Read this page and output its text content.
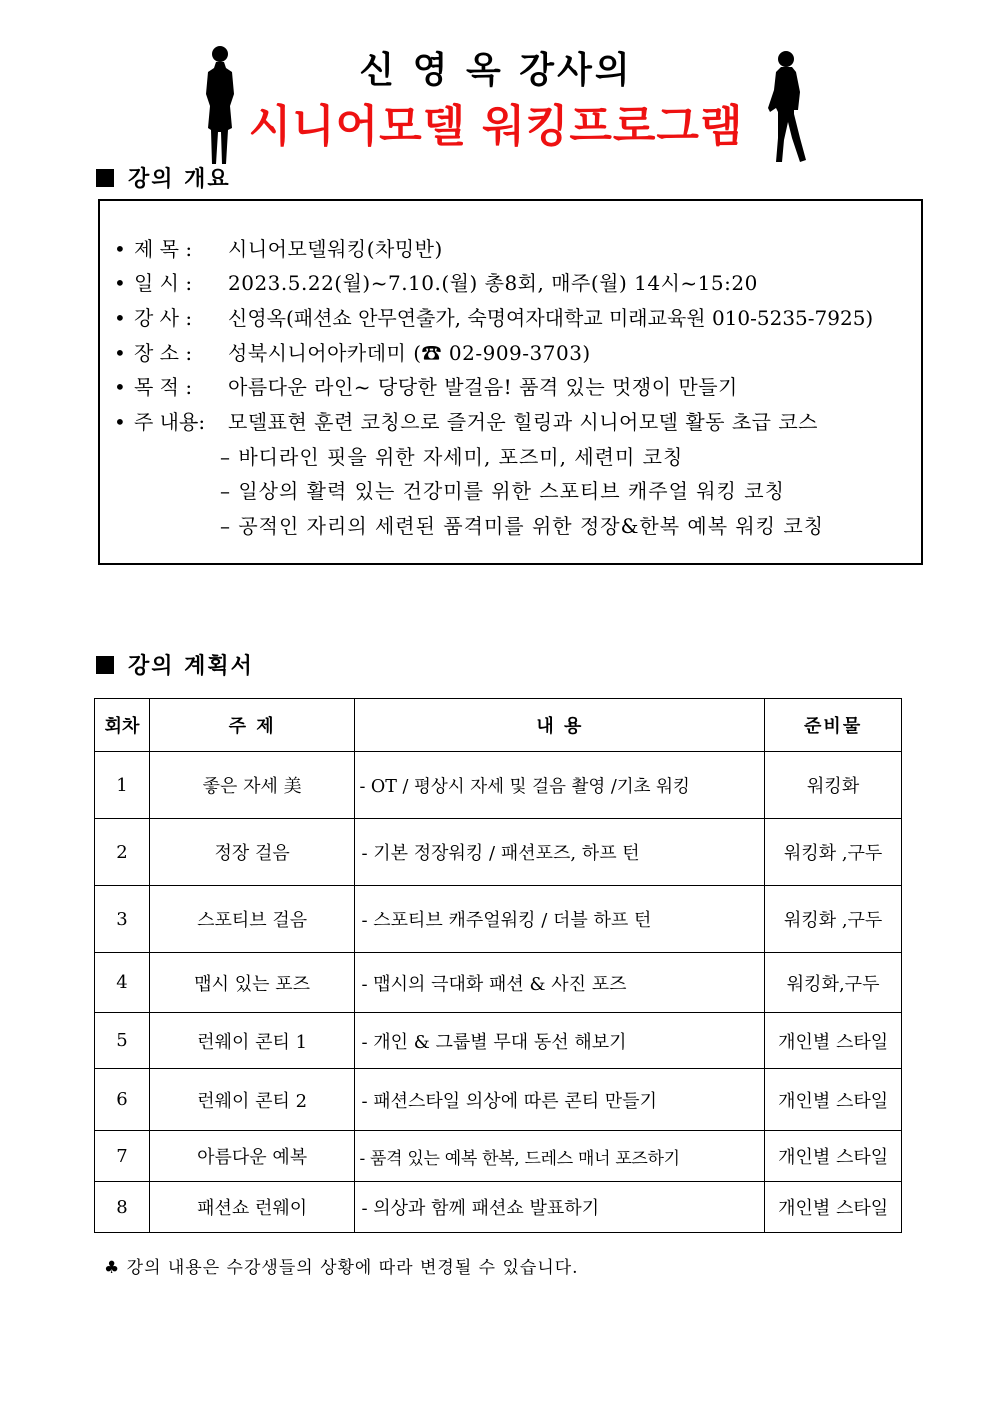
신 영 옥 강사의
시니어모델 워킹프로그램
강의 개요
• 제 목 : 시니어모델워킹(차밍반)
• 일 시 : 2023.5.22(월)~7.10.(월) 총8회, 매주(월) 14시~15:20
• 강 사 : 신영옥(패션쇼 안무연출가, 숙명여자대학교 미래교육원 010-5235-7925)
• 장 소 : 성북시니어아카데미 (☎ 02-909-3703)
• 목 적 : 아름다운 라인~ 당당한 발걸음! 품격 있는 멋쟁이 만들기
• 주 내용: 모델표현 훈련 코칭으로 즐거운 힐링과 시니어모델 활동 초급 코스
– 바디라인 핏을 위한 자세미, 포즈미, 세련미 코칭
– 일상의 활력 있는 건강미를 위한 스포티브 캐주얼 워킹 코칭
– 공적인 자리의 세련된 품격미를 위한 정장&한복 예복 워킹 코칭
강의 계획서
회차	주 제	내 용	준비물
1	좋은 자세 美	- OT / 평상시 자세 및 걸음 촬영 /기초 워킹	워킹화
2	정장 걸음	- 기본 정장워킹 / 패션포즈, 하프 턴	워킹화 ,구두
3	스포티브 걸음	- 스포티브 캐주얼워킹 / 더블 하프 턴	워킹화 ,구두
4	맵시 있는 포즈	- 맵시의 극대화 패션 & 사진 포즈	워킹화,구두
5	런웨이 콘티 1	- 개인 & 그룹별 무대 동선 해보기	개인별 스타일
6	런웨이 콘티 2	- 패션스타일 의상에 따른 콘티 만들기	개인별 스타일
7	아름다운 예복	- 품격 있는 예복 한복, 드레스 매너 포즈하기	개인별 스타일
8	패션쇼 런웨이	- 의상과 함께 패션쇼 발표하기	개인별 스타일
♣ 강의 내용은 수강생들의 상황에 따라 변경될 수 있습니다.
